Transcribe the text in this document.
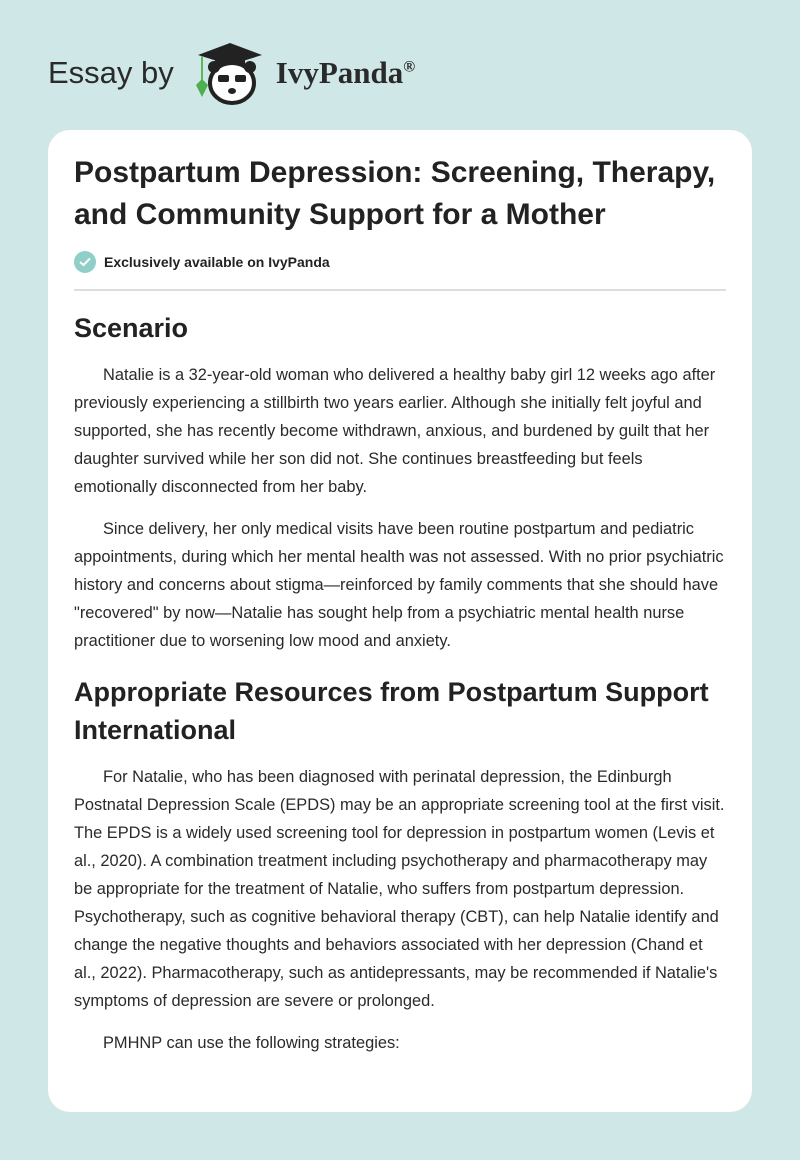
Essay by	IvyPanda®
Postpartum Depression: Screening, Therapy, and Community Support for a Mother
Exclusively available on IvyPanda
Scenario

Natalie is a 32-year-old woman who delivered a healthy baby girl 12 weeks ago after previously experiencing a stillbirth two years earlier. Although she initially felt joyful and supported, she has recently become withdrawn, anxious, and burdened by guilt that her daughter survived while her son did not. She continues breastfeeding but feels emotionally disconnected from her baby.

Since delivery, her only medical visits have been routine postpartum and pediatric appointments, during which her mental health was not assessed. With no prior psychiatric history and concerns about stigma—reinforced by family comments that she should have "recovered" by now—Natalie has sought help from a psychiatric mental health nurse practitioner due to worsening low mood and anxiety.

Appropriate Resources from Postpartum Support International

For Natalie, who has been diagnosed with perinatal depression, the Edinburgh Postnatal Depression Scale (EPDS) may be an appropriate screening tool at the first visit. The EPDS is a widely used screening tool for depression in postpartum women (Levis et al., 2020). A combination treatment including psychotherapy and pharmacotherapy may be appropriate for the treatment of Natalie, who suffers from postpartum depression. Psychotherapy, such as cognitive behavioral therapy (CBT), can help Natalie identify and change the negative thoughts and behaviors associated with her depression (Chand et al., 2022). Pharmacotherapy, such as antidepressants, may be recommended if Natalie's symptoms of depression are severe or prolonged.

PMHNP can use the following strategies:
